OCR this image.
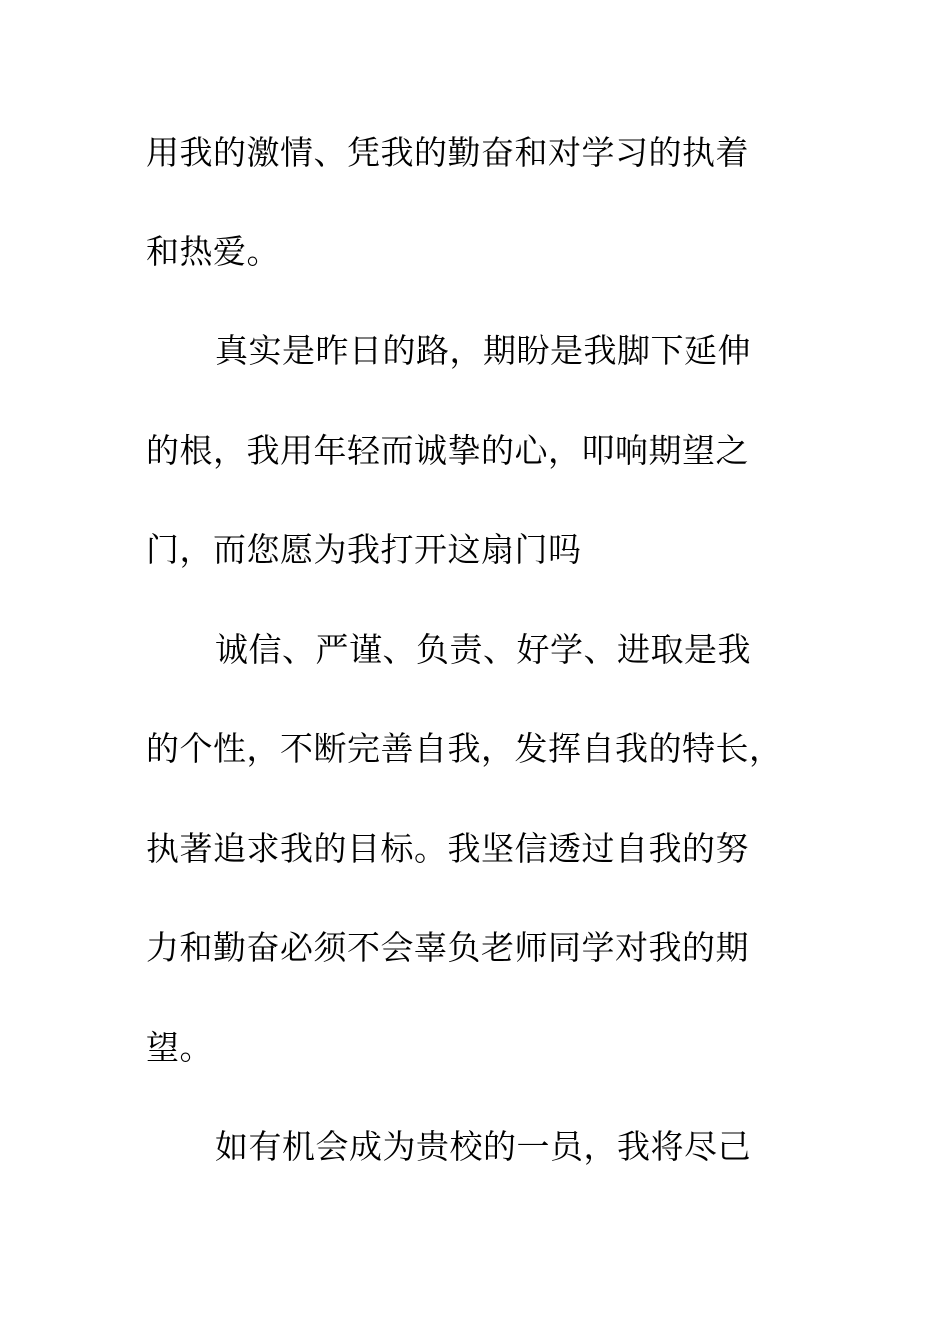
用我的激情、凭我的勤奋和对学习的执着
和热爱。
真实是昨日的路，期盼是我脚下延伸
的根，我用年轻而诚挚的心，叩响期望之
门，而您愿为我打开这扇门吗
诚信、严谨、负责、好学、进取是我
的个性，不断完善自我，发挥自我的特长，
执著追求我的目标。我坚信透过自我的努
力和勤奋必须不会辜负老师同学对我的期
望。
如有机会成为贵校的一员，我将尽己
